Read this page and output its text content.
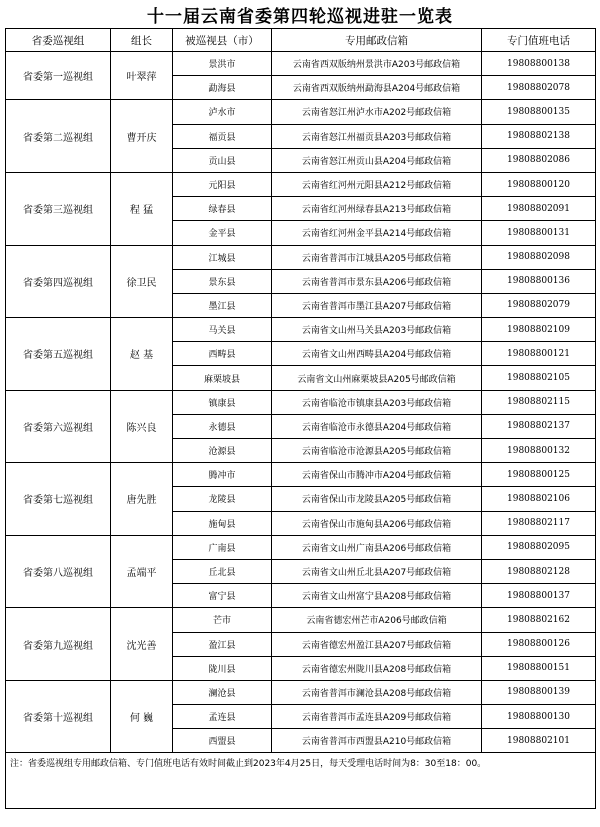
十一届云南省委第四轮巡视进驻一览表
省委巡视组	组长	被巡视县（市）	专用邮政信箱	专门值班电话
省委第一巡视组	叶翠萍	景洪市	云南省西双版纳州景洪市A203号邮政信箱	19808800138
		勐海县	云南省西双版纳州勐海县A204号邮政信箱	19808802078
省委第二巡视组	曹开庆	泸水市	云南省怒江州泸水市A202号邮政信箱	19808800135
		福贡县	云南省怒江州福贡县A203号邮政信箱	19808802138
		贡山县	云南省怒江州贡山县A204号邮政信箱	19808802086
省委第三巡视组	程 猛	元阳县	云南省红河州元阳县A212号邮政信箱	19808800120
		绿春县	云南省红河州绿春县A213号邮政信箱	19808802091
		金平县	云南省红河州金平县A214号邮政信箱	19808800131
省委第四巡视组	徐卫民	江城县	云南省普洱市江城县A205号邮政信箱	19808802098
		景东县	云南省普洱市景东县A206号邮政信箱	19808800136
		墨江县	云南省普洱市墨江县A207号邮政信箱	19808802079
省委第五巡视组	赵 基	马关县	云南省文山州马关县A203号邮政信箱	19808802109
		西畴县	云南省文山州西畴县A204号邮政信箱	19808800121
		麻栗坡县	云南省文山州麻栗坡县A205号邮政信箱	19808802105
省委第六巡视组	陈兴良	镇康县	云南省临沧市镇康县A203号邮政信箱	19808802115
		永德县	云南省临沧市永德县A204号邮政信箱	19808802137
		沧源县	云南省临沧市沧源县A205号邮政信箱	19808800132
省委第七巡视组	唐先胜	腾冲市	云南省保山市腾冲市A204号邮政信箱	19808800125
		龙陵县	云南省保山市龙陵县A205号邮政信箱	19808802106
		施甸县	云南省保山市施甸县A206号邮政信箱	19808802117
省委第八巡视组	孟端平	广南县	云南省文山州广南县A206号邮政信箱	19808802095
		丘北县	云南省文山州丘北县A207号邮政信箱	19808802128
		富宁县	云南省文山州富宁县A208号邮政信箱	19808800137
省委第九巡视组	沈光善	芒市	云南省德宏州芒市A206号邮政信箱	19808802162
		盈江县	云南省德宏州盈江县A207号邮政信箱	19808800126
		陇川县	云南省德宏州陇川县A208号邮政信箱	19808800151
省委第十巡视组	何 巍	澜沧县	云南省普洱市澜沧县A208号邮政信箱	19808800139
		孟连县	云南省普洱市孟连县A209号邮政信箱	19808800130
		西盟县	云南省普洱市西盟县A210号邮政信箱	19808802101
注：省委巡视组专用邮政信箱、专门值班电话有效时间截止到2023年4月25日，每天受理电话时间为8：30至18：00。				
